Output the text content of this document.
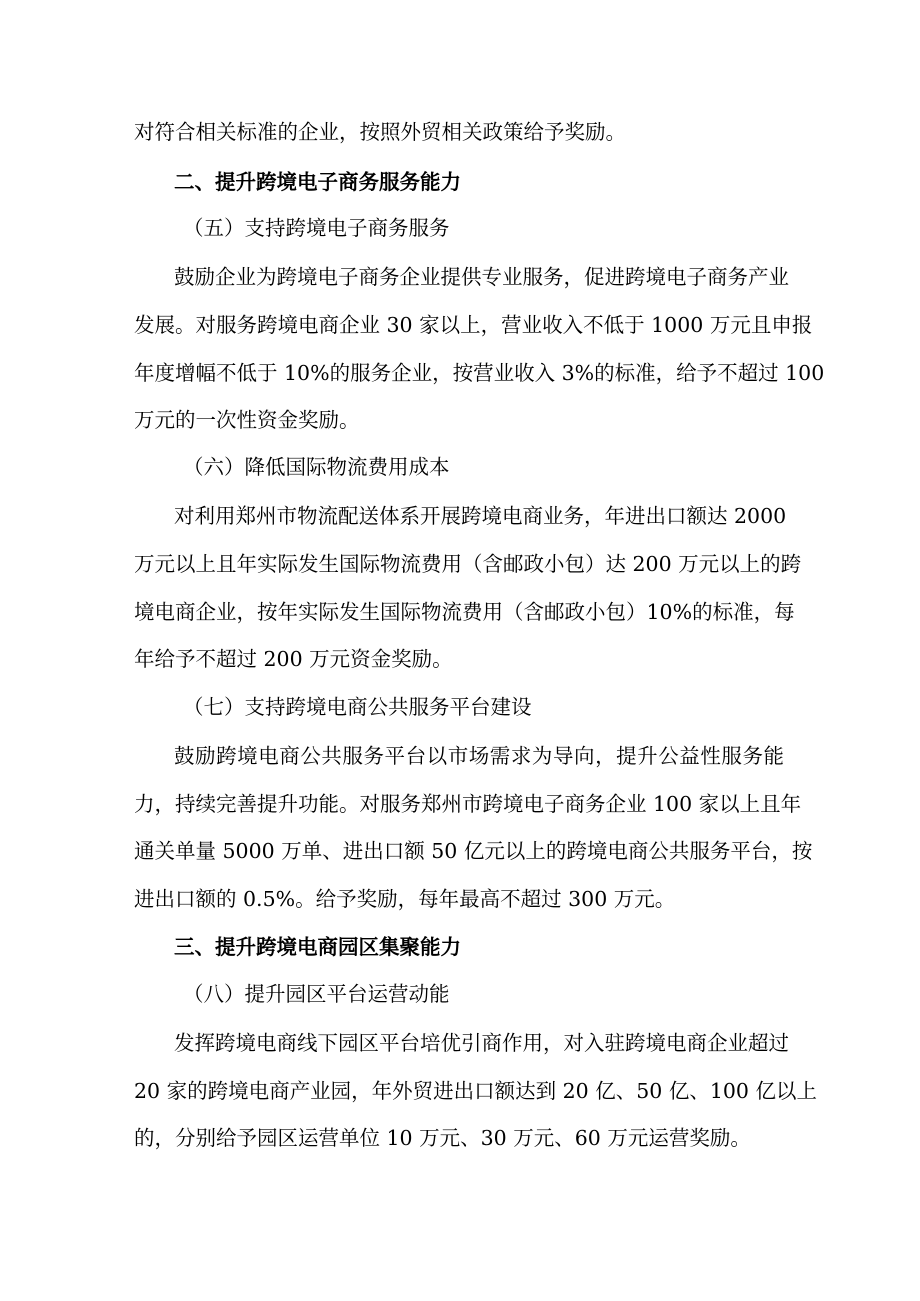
对符合相关标准的企业，按照外贸相关政策给予奖励。
二、提升跨境电子商务服务能力
（五）支持跨境电子商务服务
鼓励企业为跨境电子商务企业提供专业服务，促进跨境电子商务产业
发展。对服务跨境电商企业 30 家以上，营业收入不低于 1000 万元且申报
年度增幅不低于 10%的服务企业，按营业收入 3%的标准，给予不超过 100
万元的一次性资金奖励。
（六）降低国际物流费用成本
对利用郑州市物流配送体系开展跨境电商业务，年进出口额达 2000
万元以上且年实际发生国际物流费用（含邮政小包）达 200 万元以上的跨
境电商企业，按年实际发生国际物流费用（含邮政小包）10%的标准，每
年给予不超过 200 万元资金奖励。
（七）支持跨境电商公共服务平台建设
鼓励跨境电商公共服务平台以市场需求为导向，提升公益性服务能
力，持续完善提升功能。对服务郑州市跨境电子商务企业 100 家以上且年
通关单量 5000 万单、进出口额 50 亿元以上的跨境电商公共服务平台，按
进出口额的 0.5%。给予奖励，每年最高不超过 300 万元。
三、提升跨境电商园区集聚能力
（八）提升园区平台运营动能
发挥跨境电商线下园区平台培优引商作用，对入驻跨境电商企业超过
20 家的跨境电商产业园，年外贸进出口额达到 20 亿、50 亿、100 亿以上
的，分别给予园区运营单位 10 万元、30 万元、60 万元运营奖励。
